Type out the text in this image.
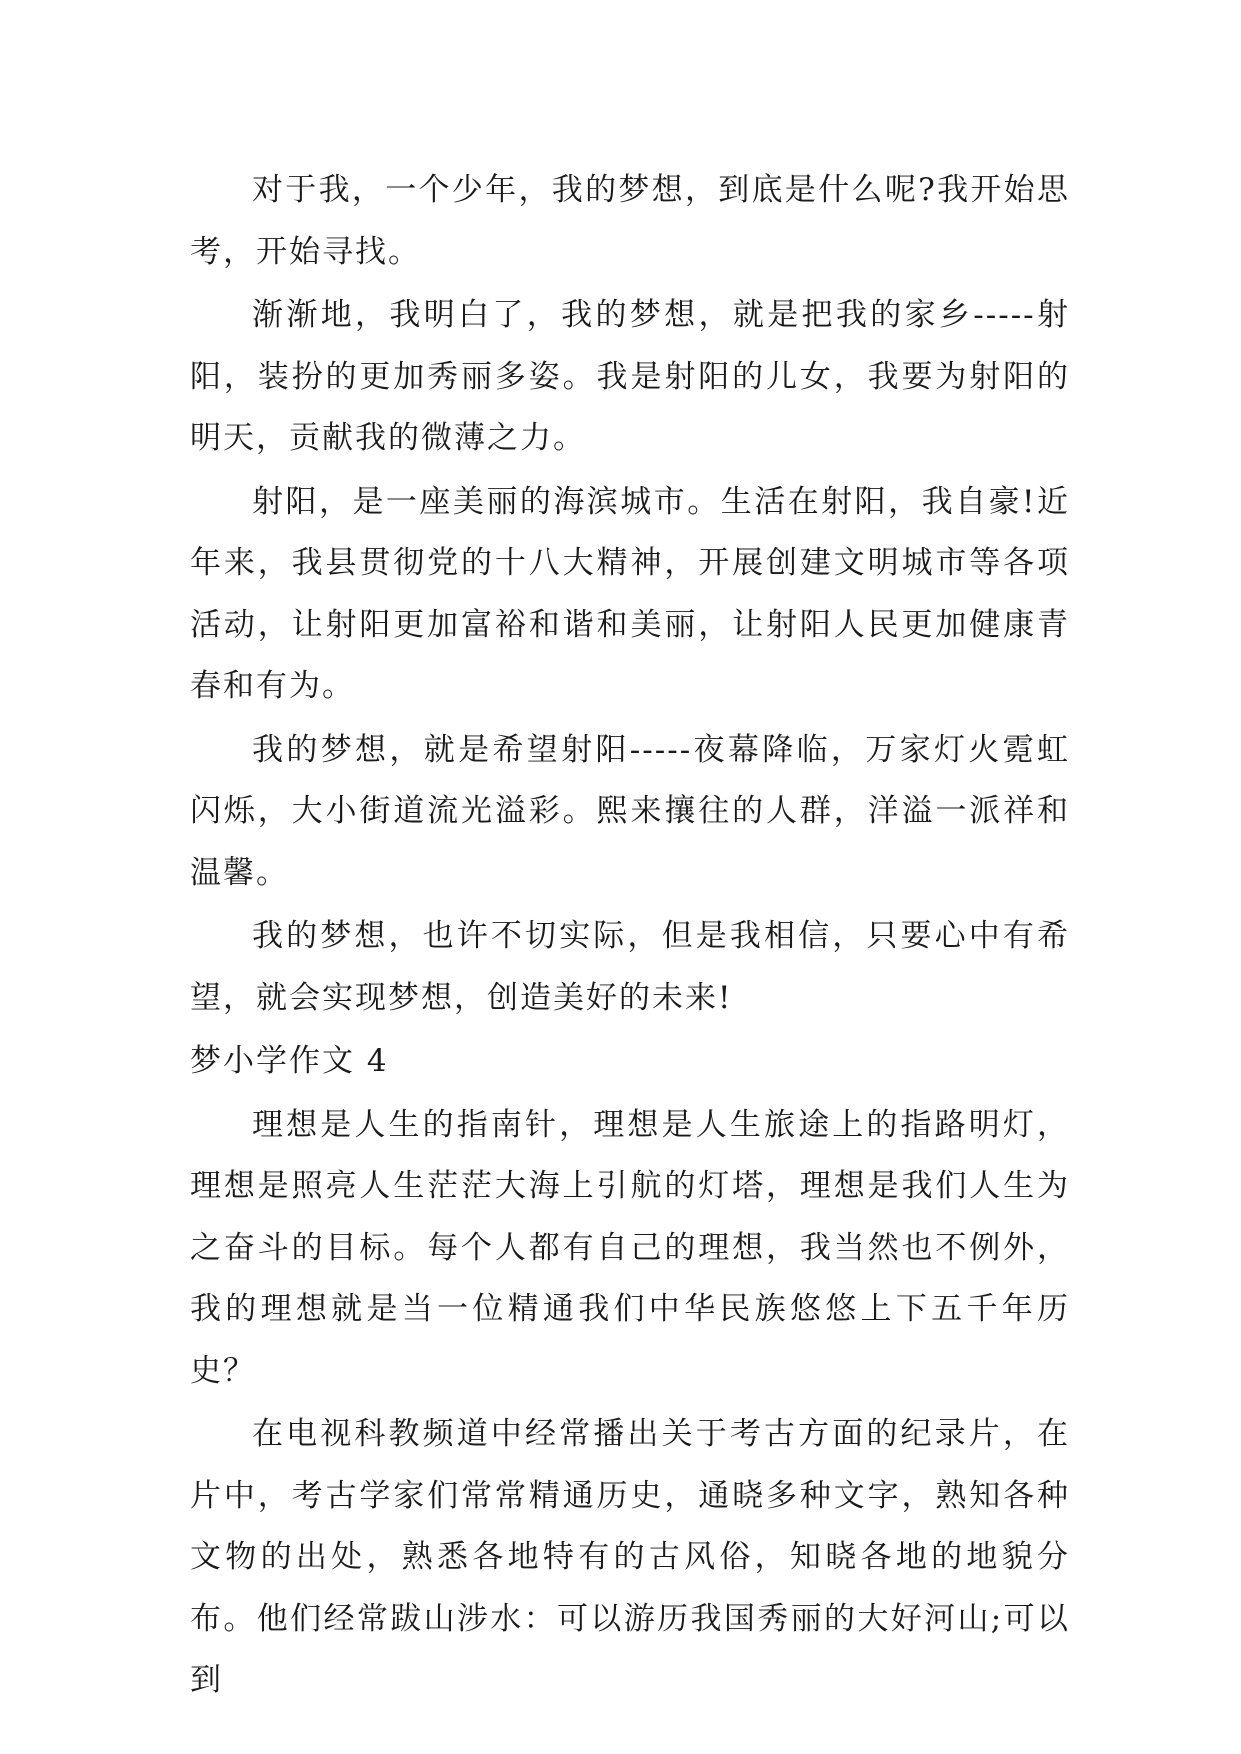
对于我，一个少年，我的梦想，到底是什么呢?我开始思考，开始寻找。

渐渐地，我明白了，我的梦想，就是把我的家乡-----射阳，装扮的更加秀丽多姿。我是射阳的儿女，我要为射阳的明天，贡献我的微薄之力。

射阳，是一座美丽的海滨城市。生活在射阳，我自豪!近年来，我县贯彻党的十八大精神，开展创建文明城市等各项活动，让射阳更加富裕和谐和美丽，让射阳人民更加健康青春和有为。

我的梦想，就是希望射阳-----夜幕降临，万家灯火霓虹闪烁，大小街道流光溢彩。熙来攘往的人群，洋溢一派祥和温馨。

我的梦想，也许不切实际，但是我相信，只要心中有希望，就会实现梦想，创造美好的未来!

梦小学作文 4

理想是人生的指南针，理想是人生旅途上的指路明灯，理想是照亮人生茫茫大海上引航的灯塔，理想是我们人生为之奋斗的目标。每个人都有自己的理想，我当然也不例外，我的理想就是当一位精通我们中华民族悠悠上下五千年历史？

在电视科教频道中经常播出关于考古方面的纪录片，在片中，考古学家们常常精通历史，通晓多种文字，熟知各种文物的出处，熟悉各地特有的古风俗，知晓各地的地貌分布。他们经常跋山涉水：可以游历我国秀丽的大好河山;可以到
